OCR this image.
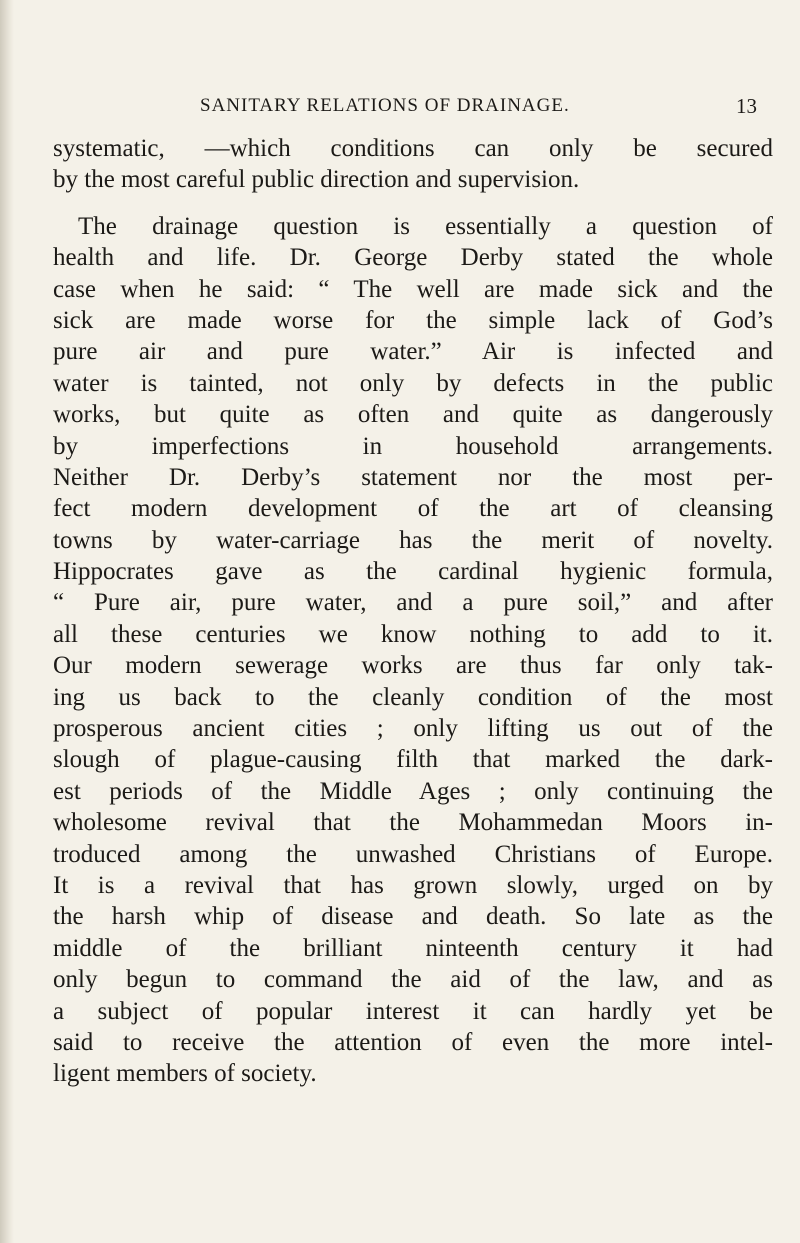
SANITARY RELATIONS OF DRAINAGE.	13
systematic, —which conditions can only be secured
by the most careful public direction and supervision.
The drainage question is essentially a question of
health and life. Dr. George Derby stated the whole
case when he said: “ The well are made sick and the
sick are made worse for the simple lack of God’s
pure air and pure water.” Air is infected and
water is tainted, not only by defects in the public
works, but quite as often and quite as dangerously
by imperfections in household arrangements.
Neither Dr. Derby’s statement nor the most per-
fect modern development of the art of cleansing
towns by water-carriage has the merit of novelty.
Hippocrates gave as the cardinal hygienic formula,
“ Pure air, pure water, and a pure soil,” and after
all these centuries we know nothing to add to it.
Our modern sewerage works are thus far only tak-
ing us back to the cleanly condition of the most
prosperous ancient cities ; only lifting us out of the
slough of plague-causing filth that marked the dark-
est periods of the Middle Ages ; only continuing the
wholesome revival that the Mohammedan Moors in-
troduced among the unwashed Christians of Europe.
It is a revival that has grown slowly, urged on by
the harsh whip of disease and death. So late as the
middle of the brilliant ninteenth century it had
only begun to command the aid of the law, and as
a subject of popular interest it can hardly yet be
said to receive the attention of even the more intel-
ligent members of society.
